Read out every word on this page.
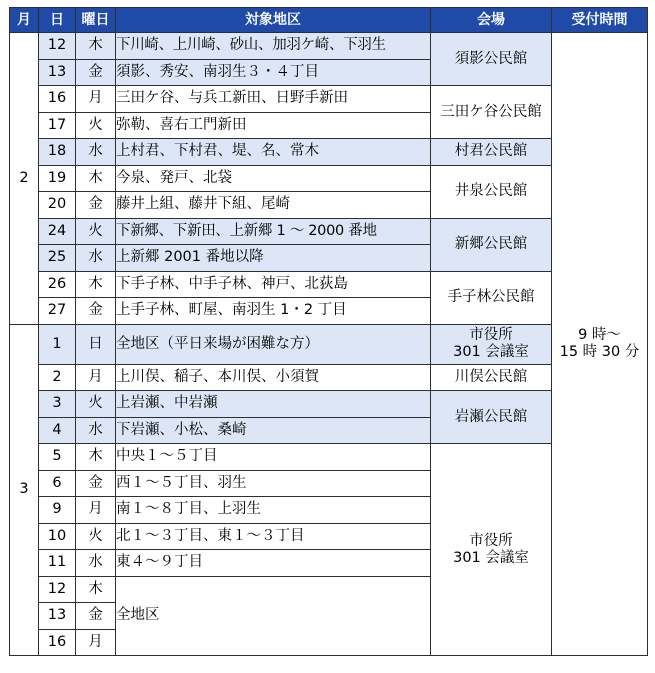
月	日	曜日	対象地区	会場	受付時間
2	12	木	下川崎、上川崎、砂山、加羽ケ崎、下羽生	須影公民館	9 時～
15 時 30 分

	13	金	須影、秀安、南羽生３・４丁目		
	16	月	三田ケ谷、与兵工新田、日野手新田	三田ケ谷公民館	
	17	火	弥勒、喜右工門新田		
	18	水	上村君、下村君、堤、名、常木	村君公民館	
	19	木	今泉、発戸、北袋	井泉公民館	
	20	金	藤井上組、藤井下組、尾崎		
	24	火	下新郷、下新田、上新郷 1 ～ 2000 番地	新郷公民館	
	25	水	上新郷 2001 番地以降		
	26	木	下手子林、中手子林、神戸、北荻島	手子林公民館	
	27	金	上手子林、町屋、南羽生 1・2 丁目		
3	1	日	全地区（平日来場が困難な方）	市役所
301 会議室	

	2	月	上川俣、稲子、本川俣、小須賀	川俣公民館	
	3	火	上岩瀬、中岩瀬	岩瀬公民館	
	4	水	下岩瀬、小松、桑崎		
	5	木	中央１～５丁目	市役所
301 会議室	

	6	金	西１～５丁目、羽生		
	9	月	南１～８丁目、上羽生		
	10	火	北１～３丁目、東１～３丁目		
	11	水	東４～９丁目		
	12	木	全地区		
	13	金			
	16	月			
